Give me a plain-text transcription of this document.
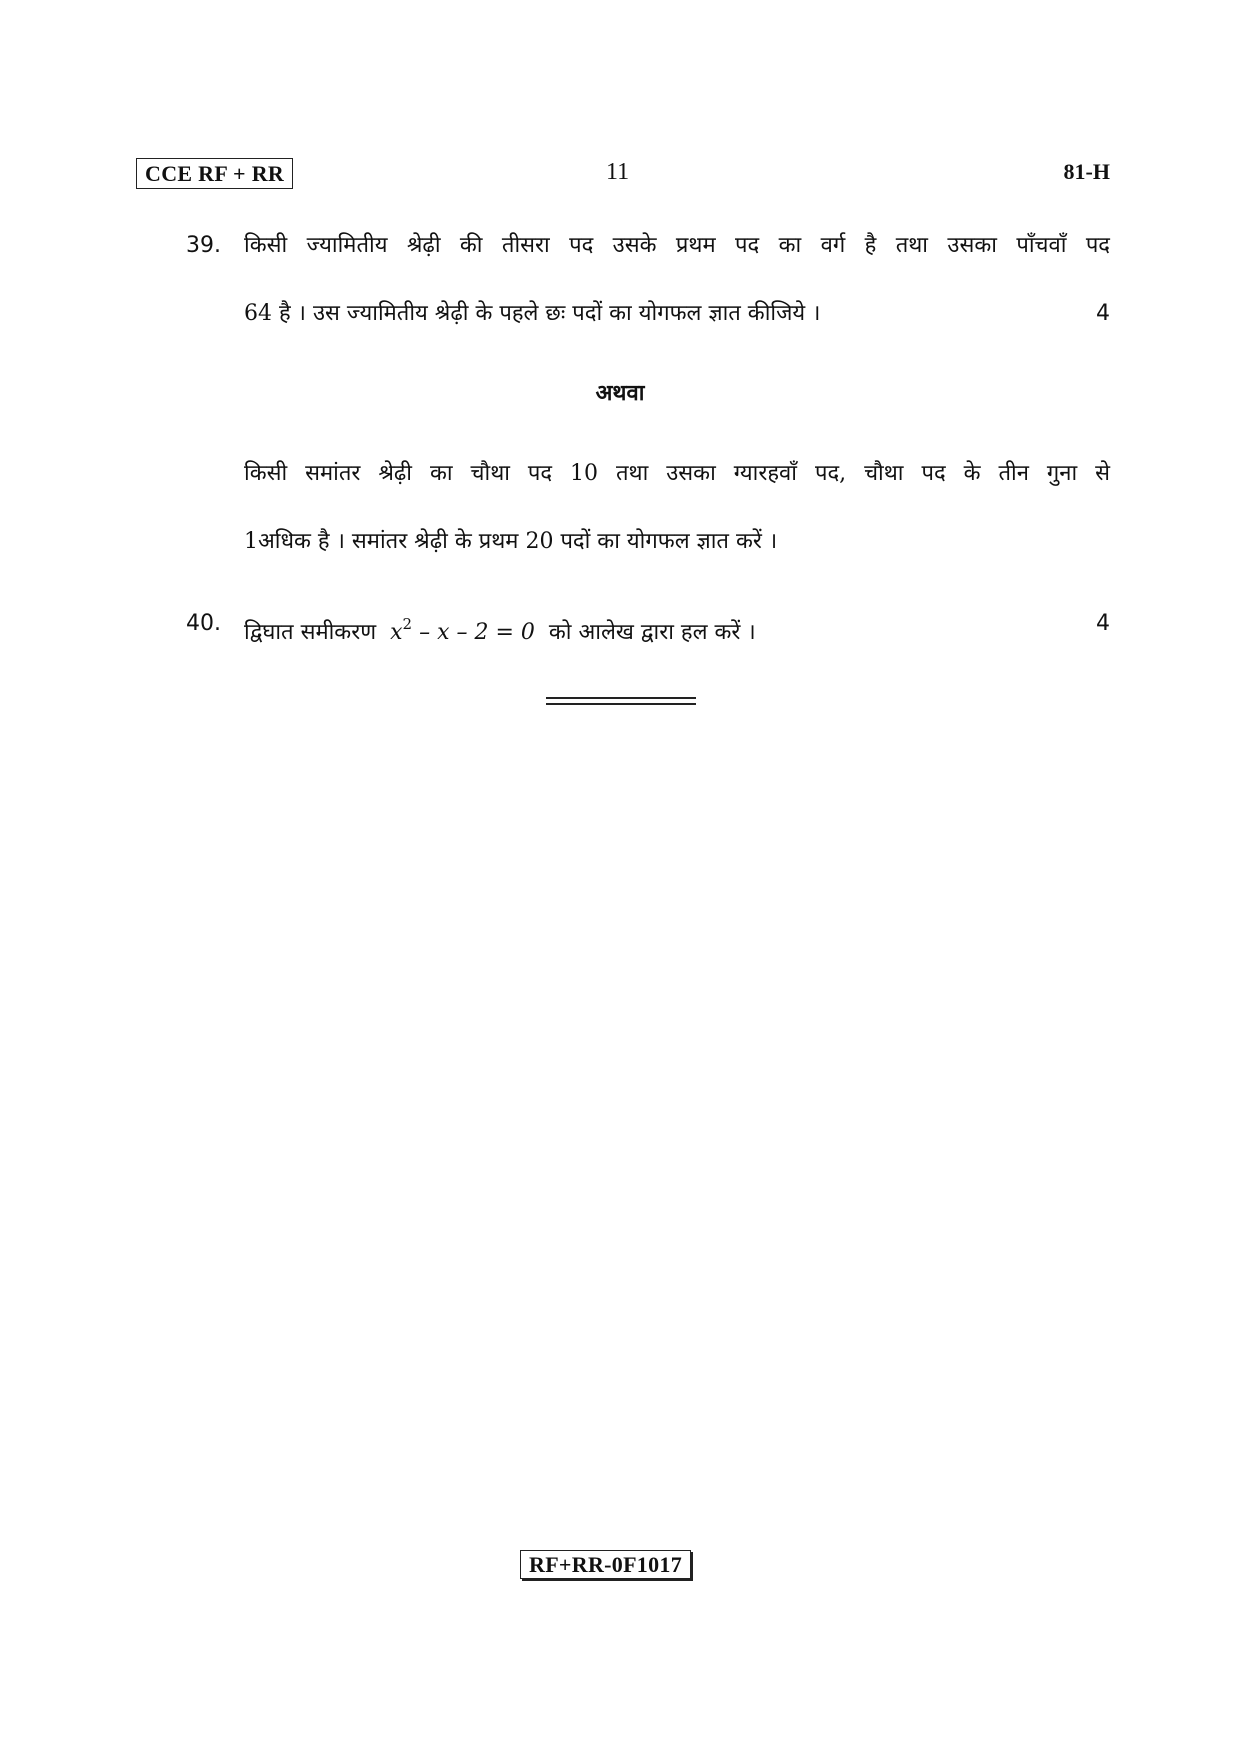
CCE RF + RR	11	81-H
39. किसी ज्यामितीय श्रेढ़ी की तीसरा पद उसके प्रथम पद का वर्ग है तथा उसका पाँचवाँ पद
64 है । उस ज्यामितीय श्रेढ़ी के पहले छः पदों का योगफल ज्ञात कीजिये ।	4
अथवा
किसी समांतर श्रेढ़ी का चौथा पद 10 तथा उसका ग्यारहवाँ पद, चौथा पद के तीन गुना से
1अधिक है । समांतर श्रेढ़ी के प्रथम 20 पदों का योगफल ज्ञात करें ।
40. द्विघात समीकरण $x^2 - x - 2 = 0$ को आलेख द्वारा हल करें ।	4
RF+RR-0F1017
